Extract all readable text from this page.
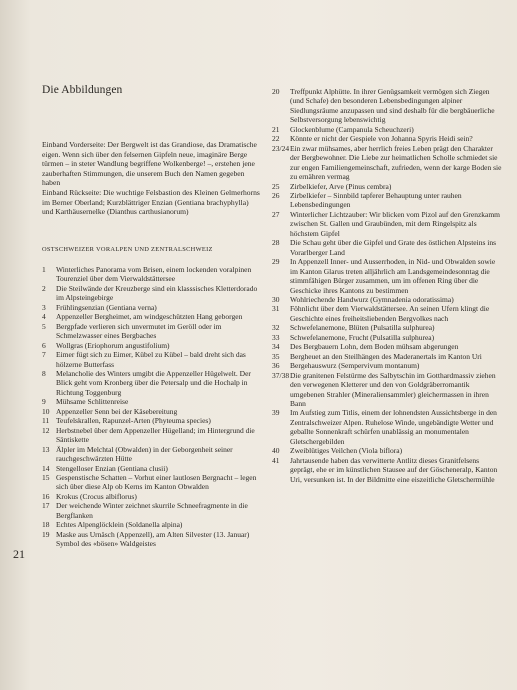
Die Abbildungen

Einband Vorderseite: Der Bergwelt ist das Grandiose, das Dramatische eigen. Wenn sich über den felsernen Gipfeln neue, imaginäre Berge türmen – in steter Wandlung begriffene Wolkenberge! –, erstehen jene zauberhaften Stimmungen, die unserem Buch den Namen gegeben haben

Einband Rückseite: Die wuchtige Felsbastion des Kleinen Gelmerhorns im Berner Oberland; Kurzblättriger Enzian (Gentiana brachyphylla) und Karthäusernelke (Dianthus carthusianorum)

OSTSCHWEIZER VORALPEN UND ZENTRALSCHWEIZ
1	Winterliches Panorama vom Brisen, einem lockenden voralpinen Tourenziel über dem Vierwaldstättersee
2	Die Steilwände der Kreuzberge sind ein klasssisches Kletterdorado im Alpsteingebirge
3	Frühlingsenzian (Gentiana verna)
4	Appenzeller Bergheimet, am windgeschützten Hang geborgen
5	Bergpfade verlieren sich unvermutet im Geröll oder im Schmelzwasser eines Bergbaches
6	Wollgras (Eriophorum angustifolium)
7	Eimer fügt sich zu Eimer, Kübel zu Kübel – bald dreht sich das hölzerne Butterfass
8	Melancholie des Winters umgibt die Appenzeller Hügelwelt. Der Blick geht vom Kronberg über die Petersalp und die Hochalp in Richtung Toggenburg
9	Mühsame Schlittenreise
10 Appenzeller Senn bei der Käsebereitung
11 Teufelskrallen, Rapunzel-Arten (Phyteuma species)
12 Herbstnebel über dem Appenzeller Hügelland; im Hintergrund die Säntiskette
13 Älpler im Melchtal (Obwalden) in der Geborgenheit seiner rauchgeschwärzten Hütte
14 Stengelloser Enzian (Gentiana clusii)
15 Gespenstische Schatten – Vorhut einer lautlosen Bergnacht – legen sich über diese Alp ob Kerns im Kanton Obwalden
16 Krokus (Crocus albiflorus)
17 Der weichende Winter zeichnet skurrile Schneefragmente in die Bergflanken
18 Echtes Alpenglöcklein (Soldanella alpina)
19 Maske aus Urnäsch (Appenzell), am Alten Silvester (13. Januar) Symbol des «bösen» Waldgeistes
20	Treffpunkt Alphütte. In ihrer Genügsamkeit vermögen sich Ziegen (und Schafe) den besonderen Lebensbedingungen alpiner Siedlungsräume anzupassen und sind deshalb für die bergbäuerliche Selbstversorgung lebenswichtig
21	Glockenblume (Campanula Scheuchzeri)
22	Könnte er nicht der Gespiele von Johanna Spyris Heidi sein?
23/24 Ein zwar mühsames, aber herrlich freies Leben prägt den Charakter der Bergbewohner. Die Liebe zur heimatlichen Scholle schmiedet sie zur engen Familiengemeinschaft, zufrieden, wenn der karge Boden sie zu ernähren vermag
25	Zirbelkiefer, Arve (Pinus cembra)
26	Zirbelkiefer – Sinnbild tapferer Behauptung unter rauhen Lebensbedingungen
27	Winterlicher Lichtzauber: Wir blicken vom Pizol auf den Grenzkamm zwischen St. Gallen und Graubünden, mit dem Ringelspitz als höchstem Gipfel
28	Die Schau geht über die Gipfel und Grate des östlichen Alpsteins ins Vorarlberger Land
29	In Appenzell Inner- und Ausserrhoden, in Nid- und Obwalden sowie im Kanton Glarus treten alljährlich am Landsgemeindesonntag die stimmfähigen Bürger zusammen, um im offenen Ring über die Geschicke ihres Kantons zu bestimmen
30	Wohlriechende Handwurz (Gymnadenia odoratissima)
31	Föhnlicht über dem Vierwaldstättersee. An seinen Ufern klingt die Geschichte eines freiheitsliebenden Bergvolkes nach
32	Schwefelanemone, Blüten (Pulsatilla sulphurea)
33	Schwefelanemone, Frucht (Pulsatilla sulphurea)
34	Des Bergbauern Lohn, dem Boden mühsam abgerungen
35	Bergheuet an den Steilhängen des Maderanertals im Kanton Uri
36	Bergehauswurz (Sempervivum montanum)
37/38 Die granitenen Felstürme des Salbytschin im Gotthardmassiv ziehen den verwegenen Kletterer und den von Goldgräberromantik umgebenen Strahler (Mineraliensammler) gleichermassen in ihren Bann
39	Im Aufstieg zum Titlis, einem der lohnendsten Aussichtsberge in den Zentralschweizer Alpen. Ruhelose Winde, ungebändigte Wetter und geballte Sonnenkraft schürfen unablässig an monumentalen Gletschergebilden
40	Zweiblütiges Veilchen (Viola biflora)
41	Jahrtausende haben das verwitterte Antlitz dieses Granitfelsens geprägt, ehe er im künstlichen Stausee auf der Göscheneralp, Kanton Uri, versunken ist. In der Bildmitte eine eiszeitliche Gletschermühle
21
